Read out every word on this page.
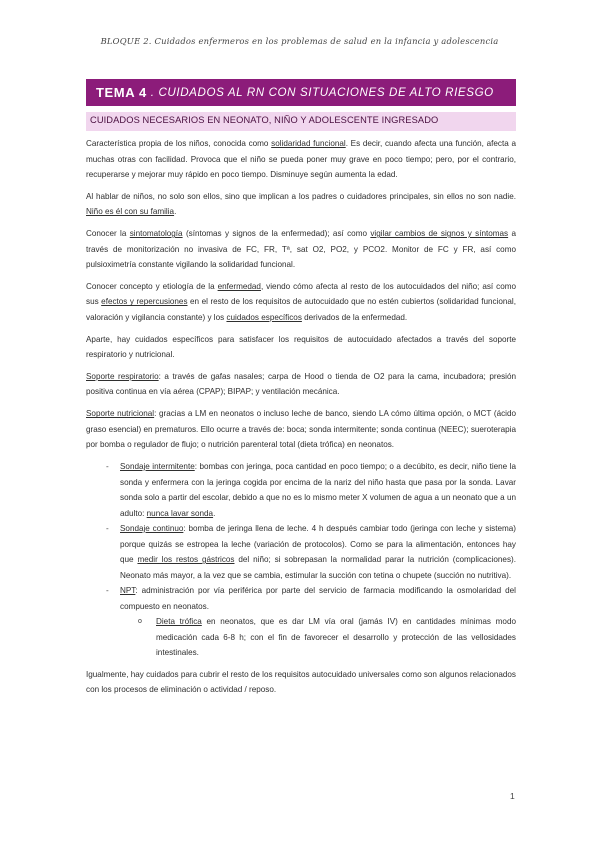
BLOQUE 2. Cuidados enfermeros en los problemas de salud en la infancia y adolescencia
TEMA 4 . CUIDADOS AL RN CON SITUACIONES DE ALTO RIESGO
CUIDADOS NECESARIOS EN NEONATO, NIÑO Y ADOLESCENTE INGRESADO

Característica propia de los niños, conocida como solidaridad funcional. Es decir, cuando afecta una función, afecta a muchas otras con facilidad. Provoca que el niño se pueda poner muy grave en poco tiempo; pero, por el contrario, recuperarse y mejorar muy rápido en poco tiempo. Disminuye según aumenta la edad.

Al hablar de niños, no solo son ellos, sino que implican a los padres o cuidadores principales, sin ellos no son nadie. Niño es él con su familia.

Conocer la sintomatología (síntomas y signos de la enfermedad); así como vigilar cambios de signos y síntomas a través de monitorización no invasiva de FC, FR, Tª, sat O2, PO2, y PCO2. Monitor de FC y FR, así como pulsioximetría constante vigilando la solidaridad funcional.

Conocer concepto y etiología de la enfermedad, viendo cómo afecta al resto de los autocuidados del niño; así como sus efectos y repercusiones en el resto de los requisitos de autocuidado que no estén cubiertos (solidaridad funcional, valoración y vigilancia constante) y los cuidados específicos derivados de la enfermedad.

Aparte, hay cuidados específicos para satisfacer los requisitos de autocuidado afectados a través del soporte respiratorio y nutricional.

Soporte respiratorio: a través de gafas nasales; carpa de Hood o tienda de O2 para la cama, incubadora; presión positiva continua en vía aérea (CPAP); BIPAP; y ventilación mecánica.

Soporte nutricional: gracias a LM en neonatos o incluso leche de banco, siendo LA cómo última opción, o MCT (ácido graso esencial) en prematuros. Ello ocurre a través de: boca; sonda intermitente; sonda continua (NEEC); sueroterapia por bomba o regulador de flujo; o nutrición parenteral total (dieta trófica) en neonatos.

- Sondaje intermitente: bombas con jeringa, poca cantidad en poco tiempo; o a decúbito, es decir, niño tiene la sonda y enfermera con la jeringa cogida por encima de la nariz del niño hasta que pasa por la sonda. Lavar sonda solo a partir del escolar, debido a que no es lo mismo meter X volumen de agua a un neonato que a un adulto: nunca lavar sonda.
- Sondaje continuo: bomba de jeringa llena de leche. 4 h después cambiar todo (jeringa con leche y sistema) porque quizás se estropea la leche (variación de protocolos). Como se para la alimentación, entonces hay que medir los restos gástricos del niño; si sobrepasan la normalidad parar la nutrición (complicaciones). Neonato más mayor, a la vez que se cambia, estimular la succión con tetina o chupete (succión no nutritiva).
- NPT: administración por vía periférica por parte del servicio de farmacia modificando la osmolaridad del compuesto en neonatos.
o Dieta trófica en neonatos, que es dar LM vía oral (jamás IV) en cantidades mínimas modo medicación cada 6-8 h; con el fin de favorecer el desarrollo y protección de las vellosidades intestinales.

Igualmente, hay cuidados para cubrir el resto de los requisitos autocuidado universales como son algunos relacionados con los procesos de eliminación o actividad / reposo.

1
